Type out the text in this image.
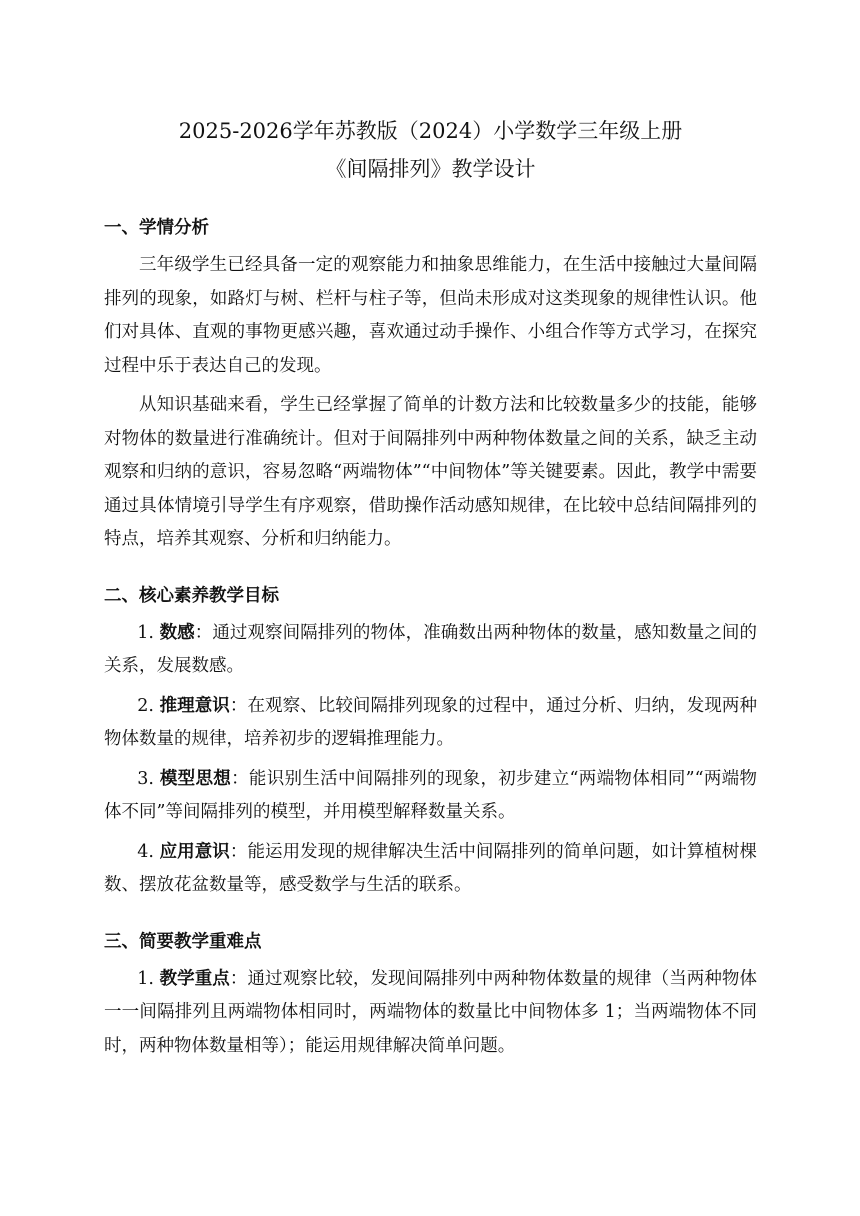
2025-2026学年苏教版（2024）小学数学三年级上册
《间隔排列》教学设计
一、学情分析

三年级学生已经具备一定的观察能力和抽象思维能力，在生活中接触过大量间隔排列的现象，如路灯与树、栏杆与柱子等，但尚未形成对这类现象的规律性认识。他们对具体、直观的事物更感兴趣，喜欢通过动手操作、小组合作等方式学习，在探究过程中乐于表达自己的发现。

从知识基础来看，学生已经掌握了简单的计数方法和比较数量多少的技能，能够对物体的数量进行准确统计。但对于间隔排列中两种物体数量之间的关系，缺乏主动观察和归纳的意识，容易忽略“两端物体”“中间物体”等关键要素。因此，教学中需要通过具体情境引导学生有序观察，借助操作活动感知规律，在比较中总结间隔排列的特点，培养其观察、分析和归纳能力。

二、核心素养教学目标

1. 数感：通过观察间隔排列的物体，准确数出两种物体的数量，感知数量之间的关系，发展数感。

2. 推理意识：在观察、比较间隔排列现象的过程中，通过分析、归纳，发现两种物体数量的规律，培养初步的逻辑推理能力。

3. 模型思想：能识别生活中间隔排列的现象，初步建立“两端物体相同”“两端物体不同”等间隔排列的模型，并用模型解释数量关系。

4. 应用意识：能运用发现的规律解决生活中间隔排列的简单问题，如计算植树棵数、摆放花盆数量等，感受数学与生活的联系。

三、简要教学重难点

1. 教学重点：通过观察比较，发现间隔排列中两种物体数量的规律（当两种物体一一间隔排列且两端物体相同时，两端物体的数量比中间物体多 1；当两端物体不同时，两种物体数量相等）；能运用规律解决简单问题。
